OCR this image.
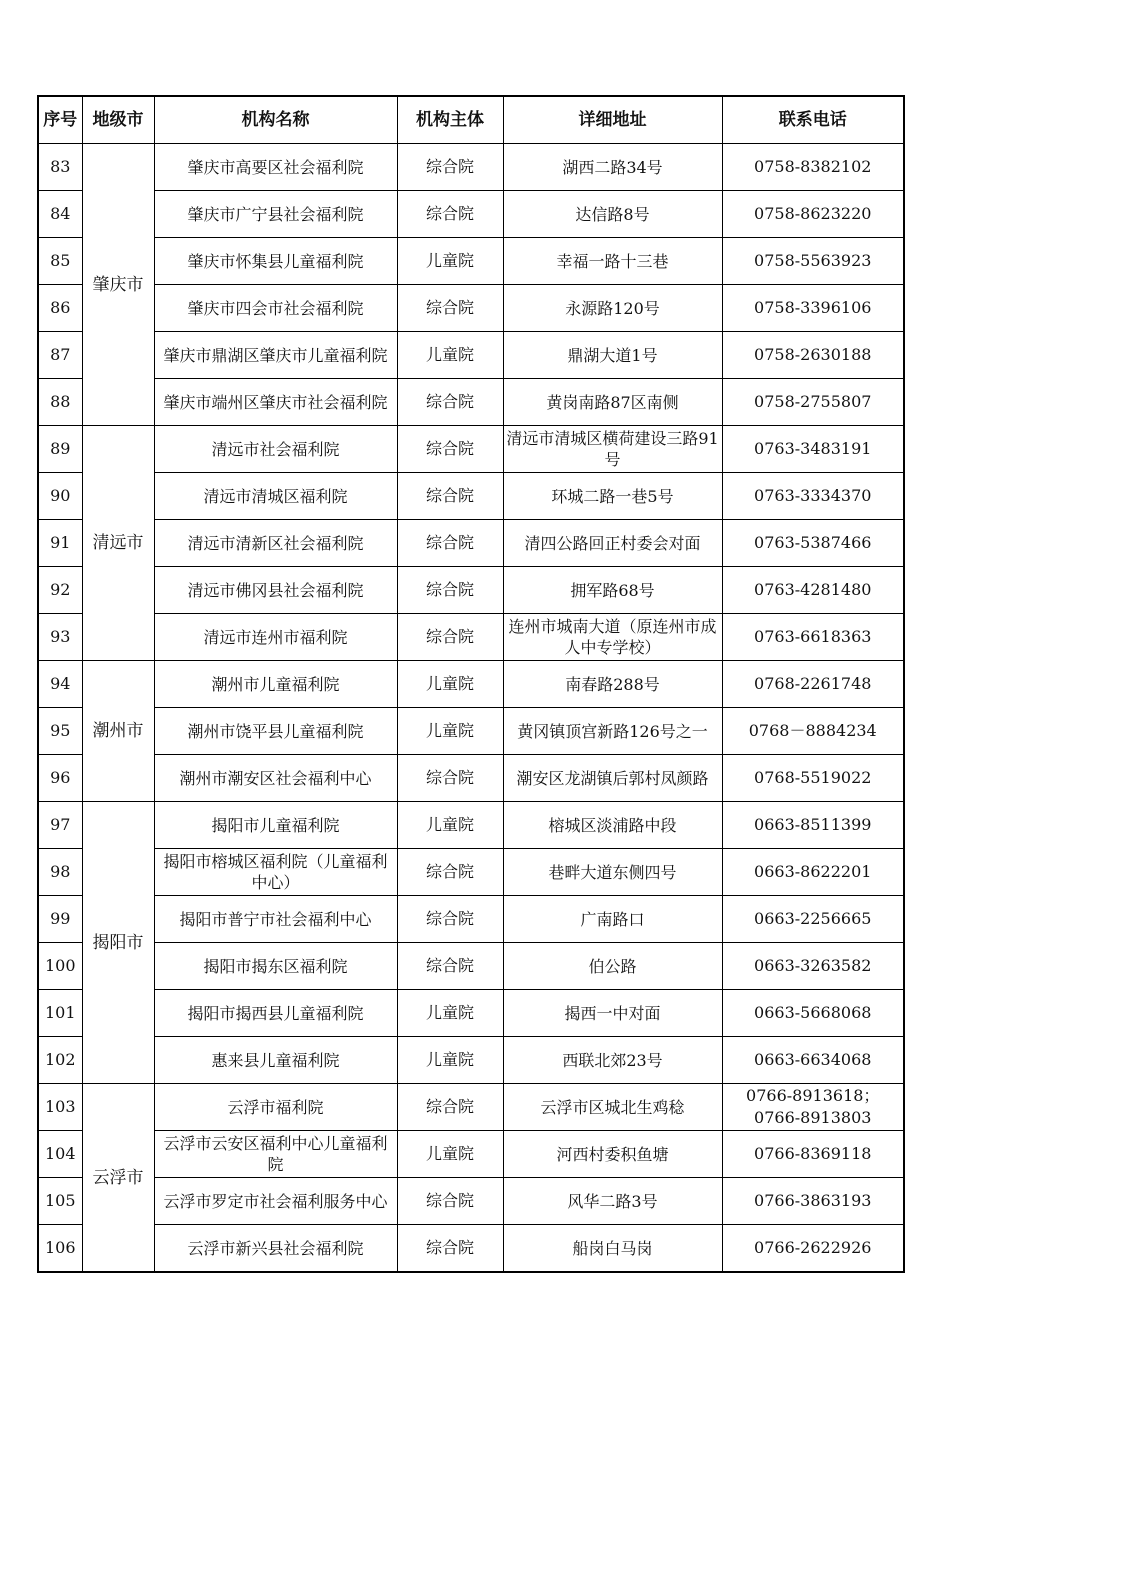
序号	地级市	机构名称	机构主体	详细地址	联系电话
83	肇庆市	肇庆市高要区社会福利院	综合院	湖西二路34号	0758-8382102
84		肇庆市广宁县社会福利院	综合院	达信路8号	0758-8623220
85		肇庆市怀集县儿童福利院	儿童院	幸福一路十三巷	0758-5563923
86		肇庆市四会市社会福利院	综合院	永源路120号	0758-3396106
87		肇庆市鼎湖区肇庆市儿童福利院	儿童院	鼎湖大道1号	0758-2630188
88		肇庆市端州区肇庆市社会福利院	综合院	黄岗南路87区南侧	0758-2755807
89	清远市	清远市社会福利院	综合院	清远市清城区横荷建设三路91号	0763-3483191
90		清远市清城区福利院	综合院	环城二路一巷5号	0763-3334370
91		清远市清新区社会福利院	综合院	清四公路回正村委会对面	0763-5387466
92		清远市佛冈县社会福利院	综合院	拥军路68号	0763-4281480
93		清远市连州市福利院	综合院	连州市城南大道（原连州市成人中专学校）	0763-6618363
94	潮州市	潮州市儿童福利院	儿童院	南春路288号	0768-2261748
95		潮州市饶平县儿童福利院	儿童院	黄冈镇顶宫新路126号之一	0768－8884234
96		潮州市潮安区社会福利中心	综合院	潮安区龙湖镇后郭村凤颜路	0768-5519022
97	揭阳市	揭阳市儿童福利院	儿童院	榕城区淡浦路中段	0663-8511399
98		揭阳市榕城区福利院（儿童福利中心）	综合院	巷畔大道东侧四号	0663-8622201
99		揭阳市普宁市社会福利中心	综合院	广南路口	0663-2256665
100		揭阳市揭东区福利院	综合院	伯公路	0663-3263582
101		揭阳市揭西县儿童福利院	儿童院	揭西一中对面	0663-5668068
102		惠来县儿童福利院	儿童院	西联北郊23号	0663-6634068
103	云浮市	云浮市福利院	综合院	云浮市区城北生鸡稔	0766-8913618；0766-8913803
104		云浮市云安区福利中心儿童福利院	儿童院	河西村委积鱼塘	0766-8369118
105		云浮市罗定市社会福利服务中心	综合院	风华二路3号	0766-3863193
106		云浮市新兴县社会福利院	综合院	船岗白马岗	0766-2622926
